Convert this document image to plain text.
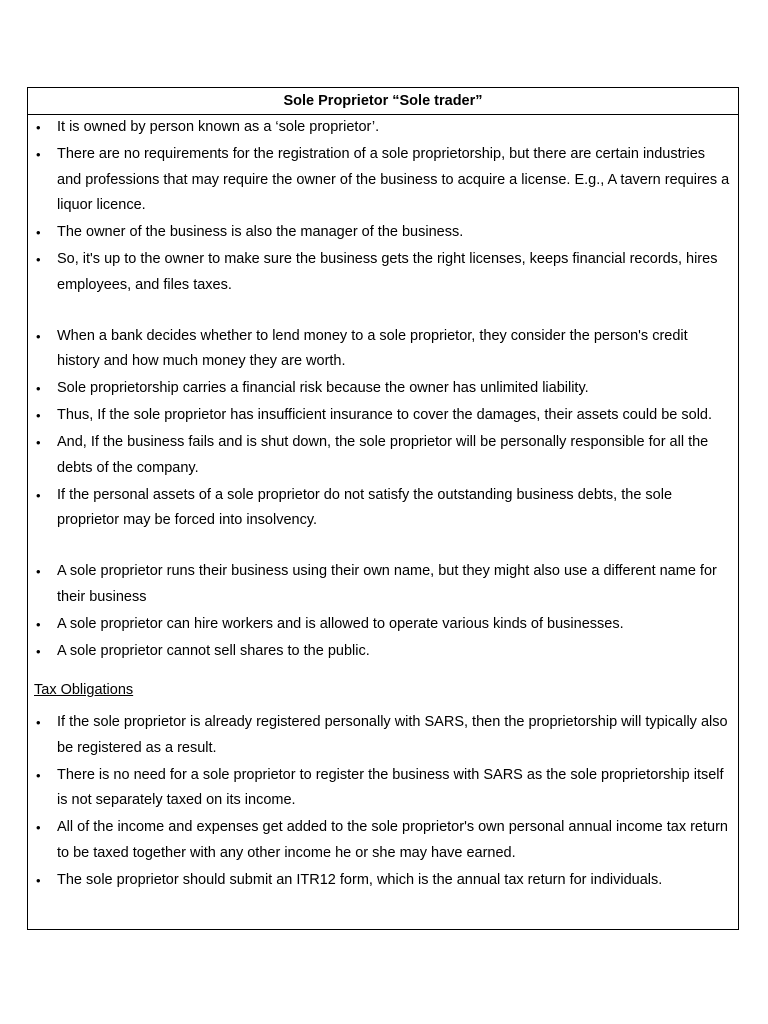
Sole Proprietor “Sole trader”
• It is owned by person known as a ‘sole proprietor’.
• There are no requirements for the registration of a sole proprietorship, but there are certain industries and professions that may require the owner of the business to acquire a license. E.g., A tavern requires a liquor licence.
• The owner of the business is also the manager of the business.
• So, it's up to the owner to make sure the business gets the right licenses, keeps financial records, hires employees, and files taxes.
• When a bank decides whether to lend money to a sole proprietor, they consider the person's credit history and how much money they are worth.
• Sole proprietorship carries a financial risk because the owner has unlimited liability.
• Thus, If the sole proprietor has insufficient insurance to cover the damages, their assets could be sold.
• And, If the business fails and is shut down, the sole proprietor will be personally responsible for all the debts of the company.
• If the personal assets of a sole proprietor do not satisfy the outstanding business debts, the sole proprietor may be forced into insolvency.
• A sole proprietor runs their business using their own name, but they might also use a different name for their business
• A sole proprietor can hire workers and is allowed to operate various kinds of businesses.
• A sole proprietor cannot sell shares to the public.
Tax Obligations
• If the sole proprietor is already registered personally with SARS, then the proprietorship will typically also be registered as a result.
• There is no need for a sole proprietor to register the business with SARS as the sole proprietorship itself is not separately taxed on its income.
• All of the income and expenses get added to the sole proprietor's own personal annual income tax return to be taxed together with any other income he or she may have earned.
• The sole proprietor should submit an ITR12 form, which is the annual tax return for individuals.
